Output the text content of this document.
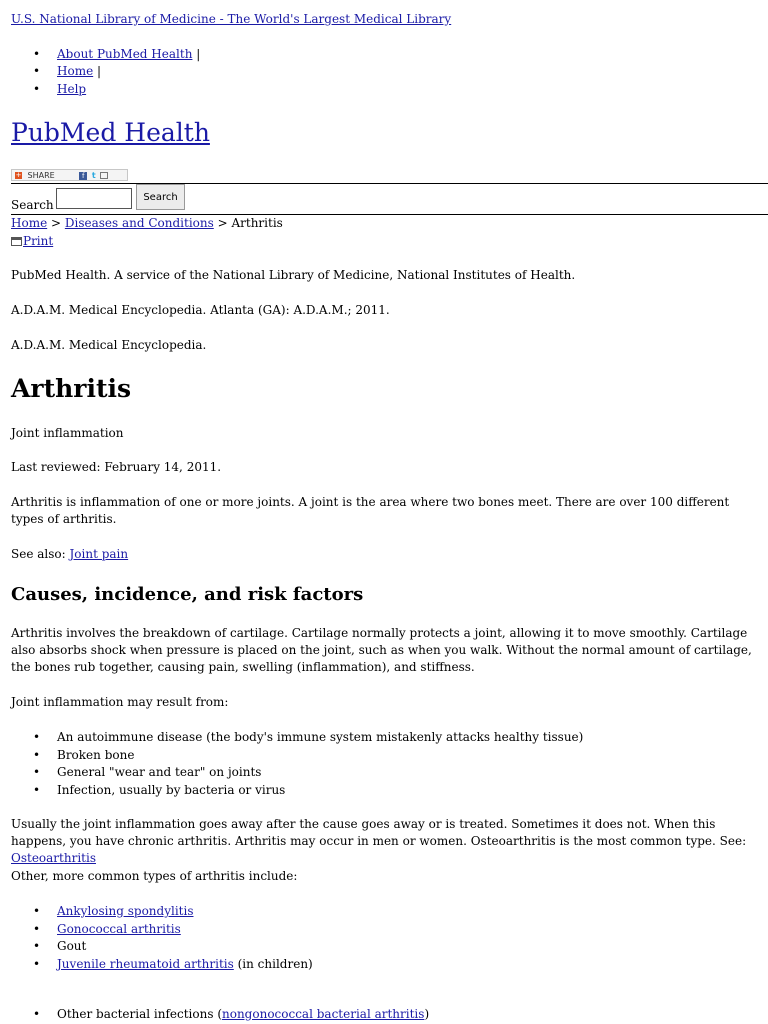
U.S. National Library of Medicine - The World's Largest Medical Library
• About PubMed Health |
• Home |
• Help
PubMed Health
+ SHARE	f t
Search
Search
Home > Diseases and Conditions > Arthritis
Print

PubMed Health. A service of the National Library of Medicine, National Institutes of Health.

A.D.A.M. Medical Encyclopedia. Atlanta (GA): A.D.A.M.; 2011.

A.D.A.M. Medical Encyclopedia.

Arthritis

Joint inflammation

Last reviewed: February 14, 2011.

Arthritis is inflammation of one or more joints. A joint is the area where two bones meet. There are over 100 different types of arthritis.

See also: Joint pain

Causes, incidence, and risk factors

Arthritis involves the breakdown of cartilage. Cartilage normally protects a joint, allowing it to move smoothly. Cartilage also absorbs shock when pressure is placed on the joint, such as when you walk. Without the normal amount of cartilage, the bones rub together, causing pain, swelling (inflammation), and stiffness.

Joint inflammation may result from:

• An autoimmune disease (the body's immune system mistakenly attacks healthy tissue)
• Broken bone
• General "wear and tear" on joints
• Infection, usually by bacteria or virus

Usually the joint inflammation goes away after the cause goes away or is treated. Sometimes it does not. When this happens, you have chronic arthritis. Arthritis may occur in men or women. Osteoarthritis is the most common type. See: Osteoarthritis

Other, more common types of arthritis include:

• Ankylosing spondylitis
• Gonococcal arthritis
• Gout
• Juvenile rheumatoid arthritis (in children)
• Other bacterial infections (nongonococcal bacterial arthritis)
